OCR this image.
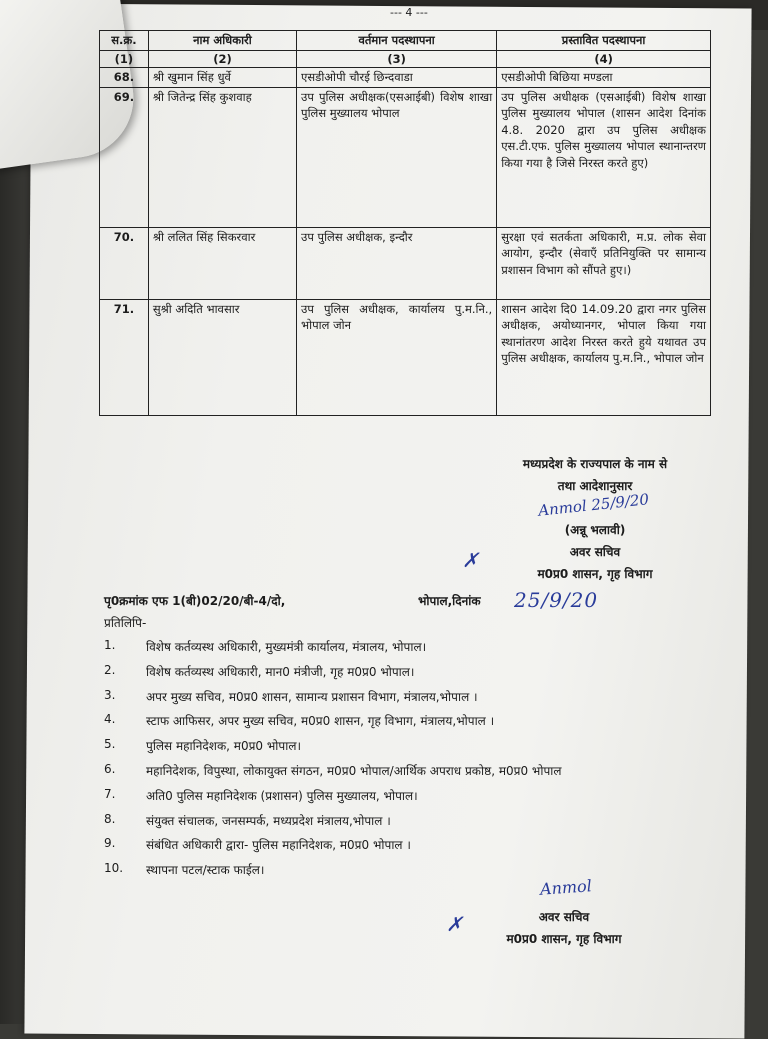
--- 4 ---
स.क्र.	नाम अधिकारी	वर्तमान पदस्थापना	प्रस्तावित पदस्थापना
(1)	(2)	(3)	(4)
68.	श्री खुमान सिंह धुर्वे	एसडीओपी चौरई छिन्दवाडा	एसडीओपी बिछिया मण्डला
69.	श्री जितेन्द्र सिंह कुशवाह	उप पुलिस अधीक्षक(एसआईबी) विशेष शाखा पुलिस मुख्यालय भोपाल	उप पुलिस अधीक्षक (एसआईबी) विशेष शाखा पुलिस मुख्यालय भोपाल (शासन आदेश दिनांक 4.8. 2020 द्वारा उप पुलिस अधीक्षक एस.टी.एफ. पुलिस मुख्यालय भोपाल स्थानान्तरण किया गया है जिसे निरस्त करते हुए)
70.	श्री ललित सिंह सिकरवार	उप पुलिस अधीक्षक, इन्दौर	सुरक्षा एवं सतर्कता अधिकारी, म.प्र. लोक सेवा आयोग, इन्दौर (सेवाएँ प्रतिनियुक्ति पर सामान्य प्रशासन विभाग को सौंपते हुए।)
71.	सुश्री अदिति भावसार	उप पुलिस अधीक्षक, कार्यालय पु.म.नि., भोपाल जोन	शासन आदेश दि0 14.09.20 द्वारा नगर पुलिस अधीक्षक, अयोध्यानगर, भोपाल किया गया स्थानांतरण आदेश निरस्त करते हुये यथावत उप पुलिस अधीक्षक, कार्यालय पु.म.नि., भोपाल जोन
मध्यप्रदेश के राज्यपाल के नाम से
तथा आदेशानुसार
(अन्नू भलावी)
अवर सचिव
म0प्र0 शासन, गृह विभाग
Anmol 25/9/20
✗
पृ0क्रमांक एफ 1(बी)02/20/बी-4/दो,	भोपाल,दिनांक 25/9/20
प्रतिलिपि-
1.	विशेष कर्तव्यस्थ अधिकारी, मुख्यमंत्री कार्यालय, मंत्रालय, भोपाल।
2.	विशेष कर्तव्यस्थ अधिकारी, मान0 मंत्रीजी, गृह म0प्र0 भोपाल।
3.	अपर मुख्य सचिव, म0प्र0 शासन, सामान्य प्रशासन विभाग, मंत्रालय,भोपाल ।
4.	स्टाफ आफिसर, अपर मुख्य सचिव, म0प्र0 शासन, गृह विभाग, मंत्रालय,भोपाल ।
5.	पुलिस महानिदेशक, म0प्र0 भोपाल।
6.	महानिदेशक, विपुस्था, लोकायुक्त संगठन, म0प्र0 भोपाल/आर्थिक अपराध प्रकोष्ठ, म0प्र0 भोपाल
7.	अति0 पुलिस महानिदेशक (प्रशासन) पुलिस मुख्यालय, भोपाल।
8.	संयुक्त संचालक, जनसम्पर्क, मध्यप्रदेश मंत्रालय,भोपाल ।
9.	संबंधित अधिकारी द्वारा- पुलिस महानिदेशक, म0प्र0 भोपाल ।
10.	स्थापना पटल/स्टाक फाईल।
Anmol
✗	अवर सचिव
म0प्र0 शासन, गृह विभाग
